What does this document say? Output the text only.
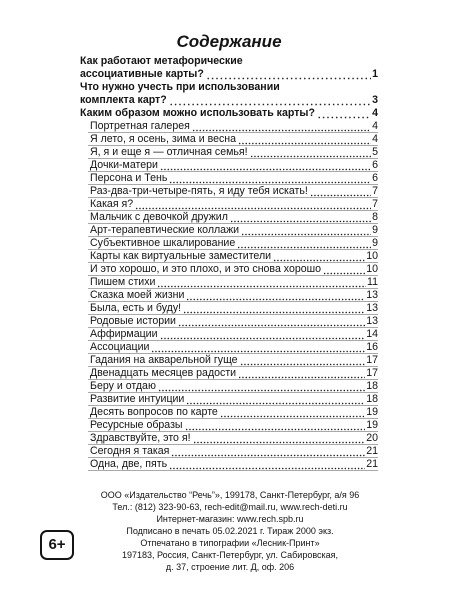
Содержание
Как работают метафорические
ассоциативные карты?	1
Что нужно учесть при использовании
комплекта карт?	3
Каким образом можно использовать карты?	4
Портретная галерея	4
Я лето, я осень, зима и весна	4
Я, я и еще я — отличная семья!	5
Дочки-матери	6
Персона и Тень	6
Раз-два-три-четыре-пять, я иду тебя искать!	7
Какая я?	7
Мальчик с девочкой дружил	8
Арт-терапевтические коллажи	9
Субъективное шкалирование	9
Карты как виртуальные заместители	10
И это хорошо, и это плохо, и это снова хорошо	10
Пишем стихи	11
Сказка моей жизни	13
Была, есть и буду!	13
Родовые истории	13
Аффирмации	14
Ассоциации	16
Гадания на акварельной гуще	17
Двенадцать месяцев радости	17
Беру и отдаю	18
Развитие интуиции	18
Десять вопросов по карте	19
Ресурсные образы	19
Здравствуйте, это я!	20
Сегодня я такая	21
Одна, две, пять	21
ООО «Издательство “Речь”», 199178, Санкт-Петербург, а/я 96
Тел.: (812) 323-90-63, rech-edit@mail.ru, www.rech-deti.ru
Интернет-магазин: www.rech.spb.ru
Подписано в печать 05.02.2021 г. Тираж 2000 экз.
Отпечатано в типографии «Лесник-Принт»
197183, Россия, Санкт-Петербург, ул. Сабировская,
д. 37, строение лит. Д, оф. 206
6+
